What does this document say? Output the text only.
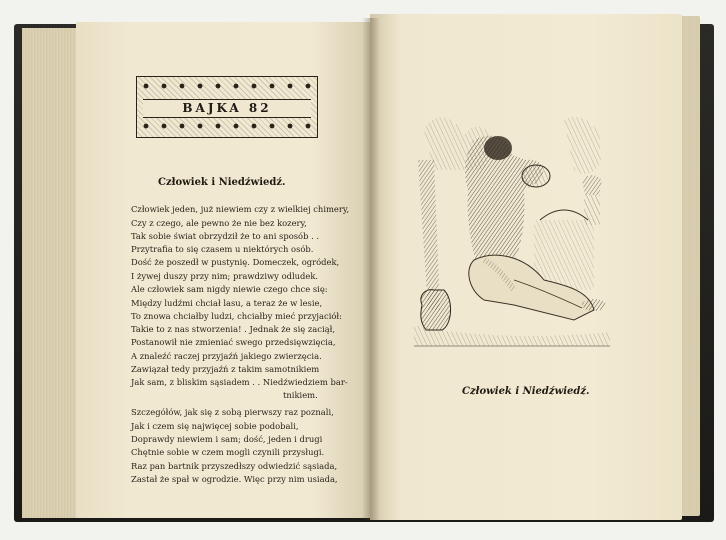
BAJKA 82
Człowiek i Niedźwiedź.
Człowiek jeden, już niewiem czy z wielkiej chimery,
Czy z czego, ale pewno że nie bez kozery,
Tak sobie świat obrzydził że to ani sposób . .
Przytrafia to się czasem u niektórych osób.
Dość że poszedł w pustynię. Domeczek, ogródek,
I żywej duszy przy nim; prawdziwy odludek.
Ale człowiek sam nigdy niewie czego chce się:
Między ludźmi chciał lasu, a teraz że w lesie,
To znowa chciałby ludzi, chciałby mieć przyjaciół:
Takie to z nas stworzenia! . Jednak że się zaciął,
Postanowił nie zmieniać swego przedsięwzięcia,
A znaleźć raczej przyjaźń jakiego zwierzęcia.
Zawiązał tedy przyjaźń z takim samotnikiem
Jak sam, z bliskim sąsiadem . . Niedźwiedziem bar-
tnikiem.
Szczegółów, jak się z sobą pierwszy raz poznali,
Jak i czem się najwięcej sobie podobali,
Doprawdy niewiem i sam; dość, jeden i drugi
Chętnie sobie w czem mogli czynili przysługi.
Raz pan bartnik przyszedłszy odwiedzić sąsiada,
Zastał że spał w ogrodzie. Więc przy nim usiada,
Człowiek i Niedźwiedź.
